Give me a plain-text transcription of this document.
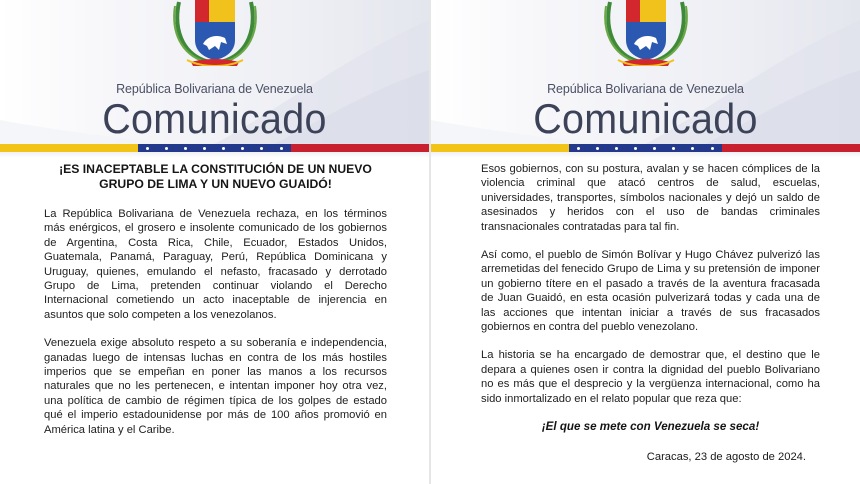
República Bolivariana de Venezuela
Comunicado

¡ES INACEPTABLE LA CONSTITUCIÓN DE UN NUEVO GRUPO DE LIMA Y UN NUEVO GUAIDÓ!

La República Bolivariana de Venezuela rechaza, en los términos más enérgicos, el grosero e insolente comunicado de los gobiernos de Argentina, Costa Rica, Chile, Ecuador, Estados Unidos, Guatemala, Panamá, Paraguay, Perú, República Dominicana y Uruguay, quienes, emulando el nefasto, fracasado y derrotado Grupo de Lima, pretenden continuar violando el Derecho Internacional cometiendo un acto inaceptable de injerencia en asuntos que solo competen a los venezolanos.

Venezuela exige absoluto respeto a su soberanía e independencia, ganadas luego de intensas luchas en contra de los más hostiles imperios que se empeñan en poner las manos a los recursos naturales que no les pertenecen, e intentan imponer hoy otra vez, una política de cambio de régimen típica de los golpes de estado qué el imperio estadounidense por más de 100 años promovió en América latina y el Caribe.

República Bolivariana de Venezuela
Comunicado

Esos gobiernos, con su postura, avalan y se hacen cómplices de la violencia criminal que atacó centros de salud, escuelas, universidades, transportes, símbolos nacionales y dejó un saldo de asesinados y heridos con el uso de bandas criminales transnacionales contratadas para tal fin.

Así como, el pueblo de Simón Bolívar y Hugo Chávez pulverizó las arremetidas del fenecido Grupo de Lima y su pretensión de imponer un gobierno títere en el pasado a través de la aventura fracasada de Juan Guaidó, en esta ocasión pulverizará todas y cada una de las acciones que intentan iniciar a través de sus fracasados gobiernos en contra del pueblo venezolano.

La historia se ha encargado de demostrar que, el destino que le depara a quienes osen ir contra la dignidad del pueblo Bolivariano no es más que el desprecio y la vergüenza internacional, como ha sido inmortalizado en el relato popular que reza que:

¡El que se mete con Venezuela se seca!

Caracas, 23 de agosto de 2024.
